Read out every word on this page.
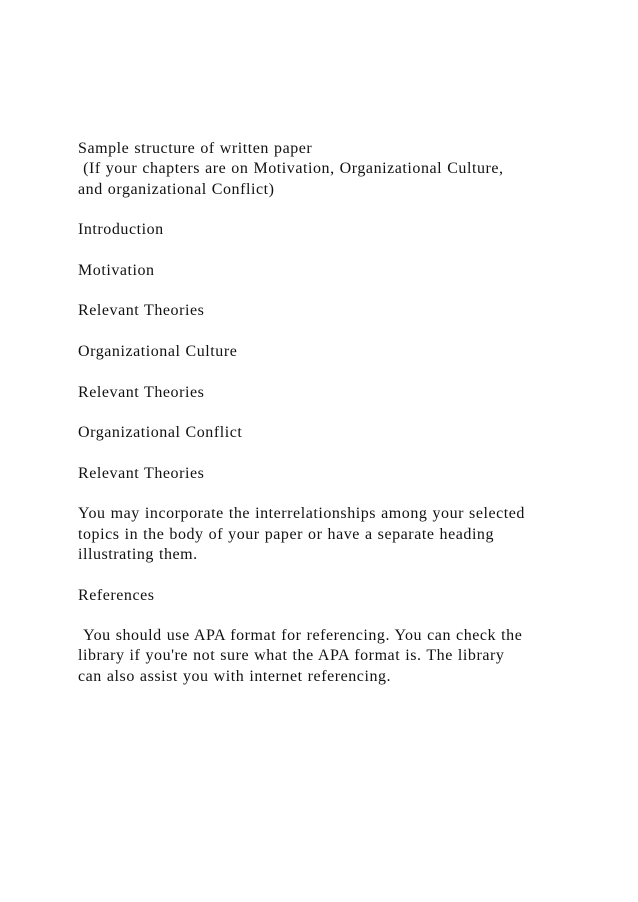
Sample structure of written paper
(If your chapters are on Motivation, Organizational Culture,
and organizational Conflict)
Introduction
Motivation
Relevant Theories
Organizational Culture
Relevant Theories
Organizational Conflict
Relevant Theories
You may incorporate the interrelationships among your selected
topics in the body of your paper or have a separate heading
illustrating them.
References
You should use APA format for referencing. You can check the
library if you're not sure what the APA format is. The library
can also assist you with internet referencing.
